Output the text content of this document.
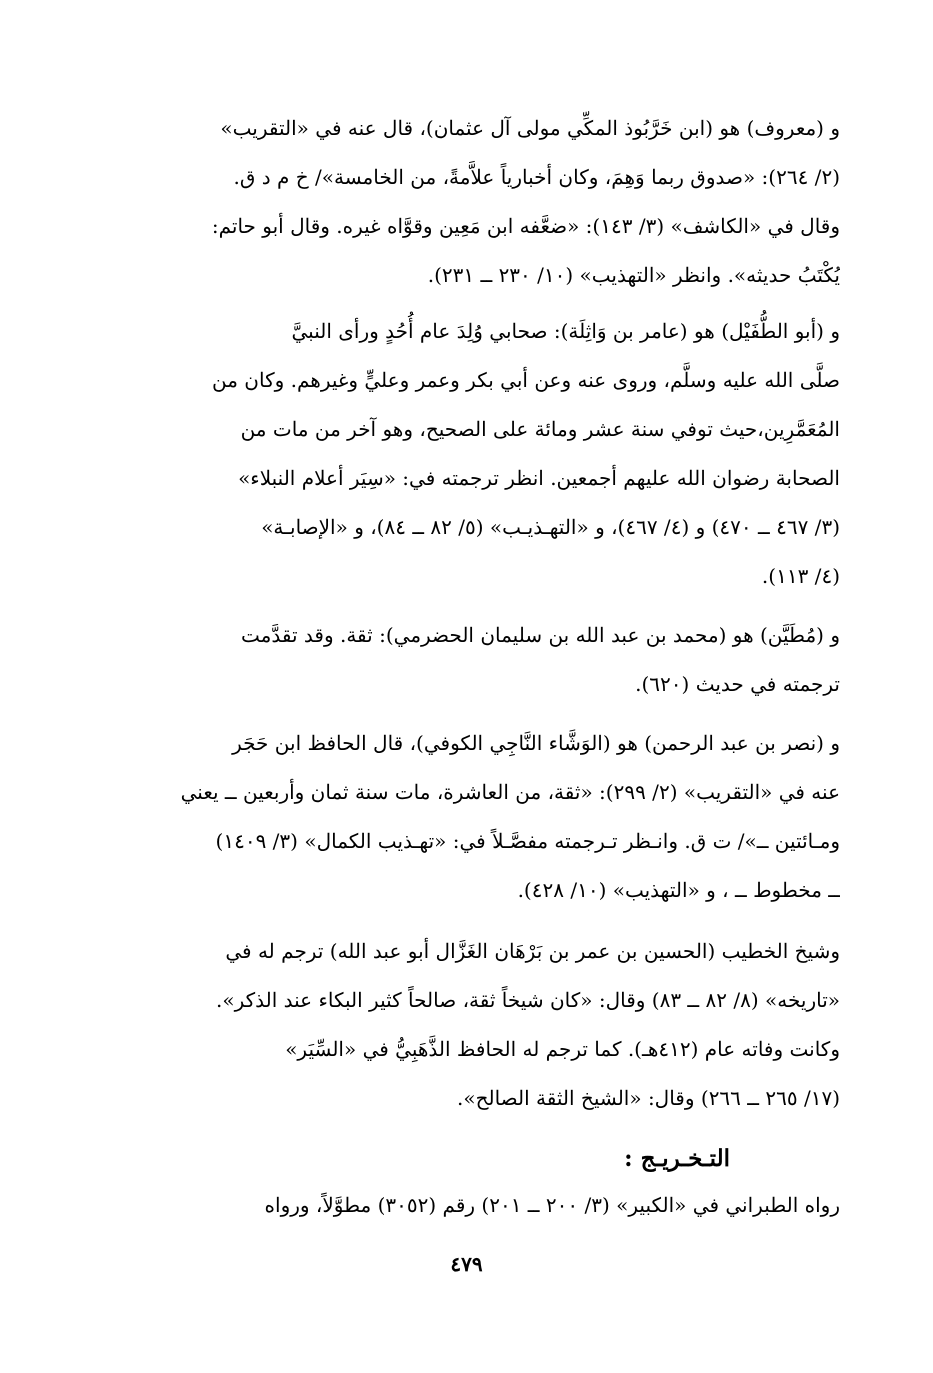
و (معروف) هو (ابن خَرَّبُوذ المكِّي مولى آل عثمان)، قال عنه في «التقريب»
(٢/ ٢٦٤): «صدوق ربما وَهِمَ، وكان أخبارياً علاَّمةً، من الخامسة»/ خ م د ق.
وقال في «الكاشف» (٣/ ١٤٣): «ضعَّفه ابن مَعِين وقوَّاه غيره. وقال أبو حاتم:
يُكْتَبُ حديثه». وانظر «التهذيب» (١٠/ ٢٣٠ ــ ٢٣١).

و (أبو الطُّفَيْل) هو (عامر بن وَاثِلَة): صحابي وُلِدَ عام أُحُدٍ ورأى النبيَّ
صلَّى الله عليه وسلَّم، وروى عنه وعن أبي بكر وعمر وعليٍّ وغيرهم. وكان من
المُعَمَّرِين،حيث توفي سنة عشر ومائة على الصحيح، وهو آخر من مات من
الصحابة رضوان الله عليهم أجمعين. انظر ترجمته في: «سِيَر أعلام النبلاء»
(٣/ ٤٦٧ ــ ٤٧٠) و (٤/ ٤٦٧)، و «التهـذيـب» (٥/ ٨٢ ــ ٨٤)، و «الإصابـة»
(٤/ ١١٣).

و (مُطَيَّن) هو (محمد بن عبد الله بن سليمان الحضرمي): ثقة. وقد تقدَّمت
ترجمته في حديث (٦٢٠).

و (نصر بن عبد الرحمن) هو (الوَشَّاء النَّاجِي الكوفي)، قال الحافظ ابن حَجَر
عنه في «التقريب» (٢/ ٢٩٩): «ثقة، من العاشرة، مات سنة ثمان وأربعين ــ يعني
ومـائتين ــ»/ ت ق. وانـظر تـرجمته مفصَّـلاً في: «تهـذيب الكمال» (٣/ ١٤٠٩)
ــ مخطوط ــ ، و «التهذيب» (١٠/ ٤٢٨).

وشيخ الخطيب (الحسين بن عمر بن بَرْهَان الغَزَّال أبو عبد الله) ترجم له في
«تاريخه» (٨/ ٨٢ ــ ٨٣) وقال: «كان شيخاً ثقة، صالحاً كثير البكاء عند الذكر».
وكانت وفاته عام (٤١٢هـ). كما ترجم له الحافظ الذَّهَبِيُّ في «السِّيَر»
(١٧/ ٢٦٥ ــ ٢٦٦) وقال: «الشيخ الثقة الصالح».

التـخـريـج :

رواه الطبراني في «الكبير» (٣/ ٢٠٠ ــ ٢٠١) رقم (٣٠٥٢) مطوَّلاً، ورواه

٤٧٩
